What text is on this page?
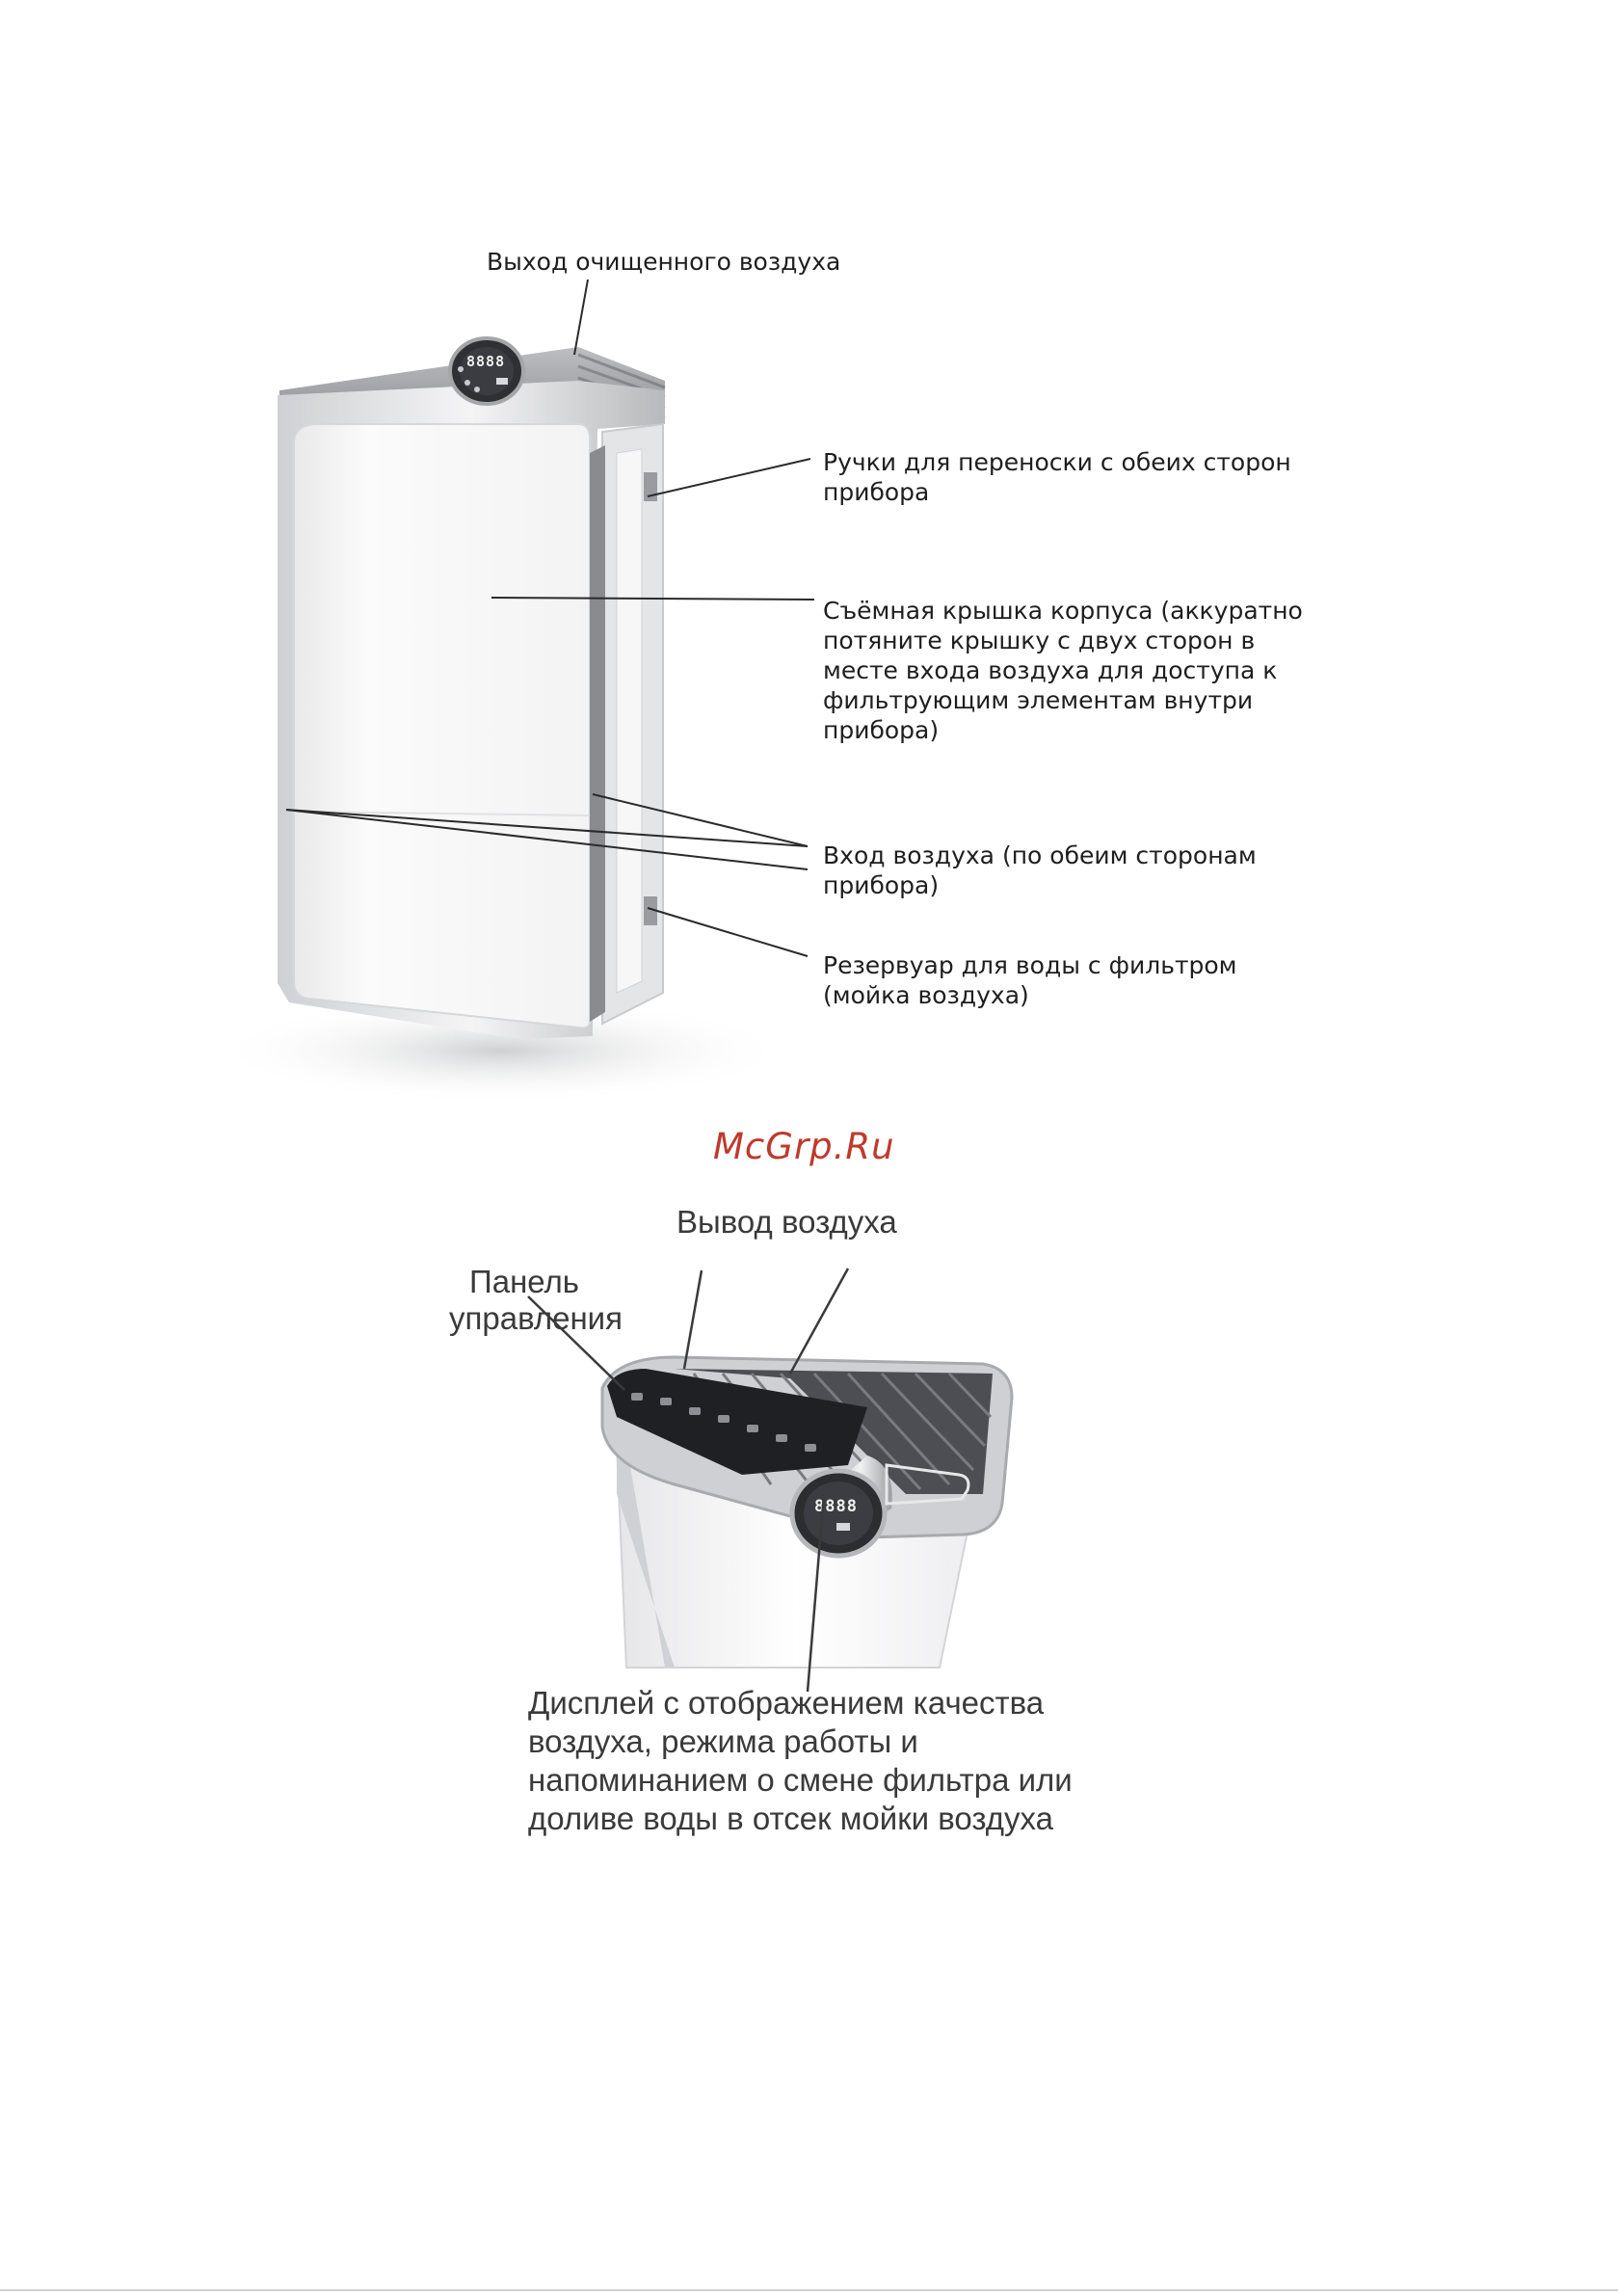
8888
Выход очищенного воздуха
Ручки для переноски с обеих сторон
прибора
Съёмная крышка корпуса (аккуратно
потяните крышку с двух сторон в
месте входа воздуха для доступа к
фильтрующим элементам внутри
прибора)
Вход воздуха (по обеим сторонам
прибора)
Резервуар для воды с фильтром
(мойка воздуха)
McGrp.Ru
8888
Вывод воздуха
Панель
управления
Дисплей с отображением качества
воздуха, режима работы и
напоминанием о смене фильтра или
доливе воды в отсек мойки воздуха
